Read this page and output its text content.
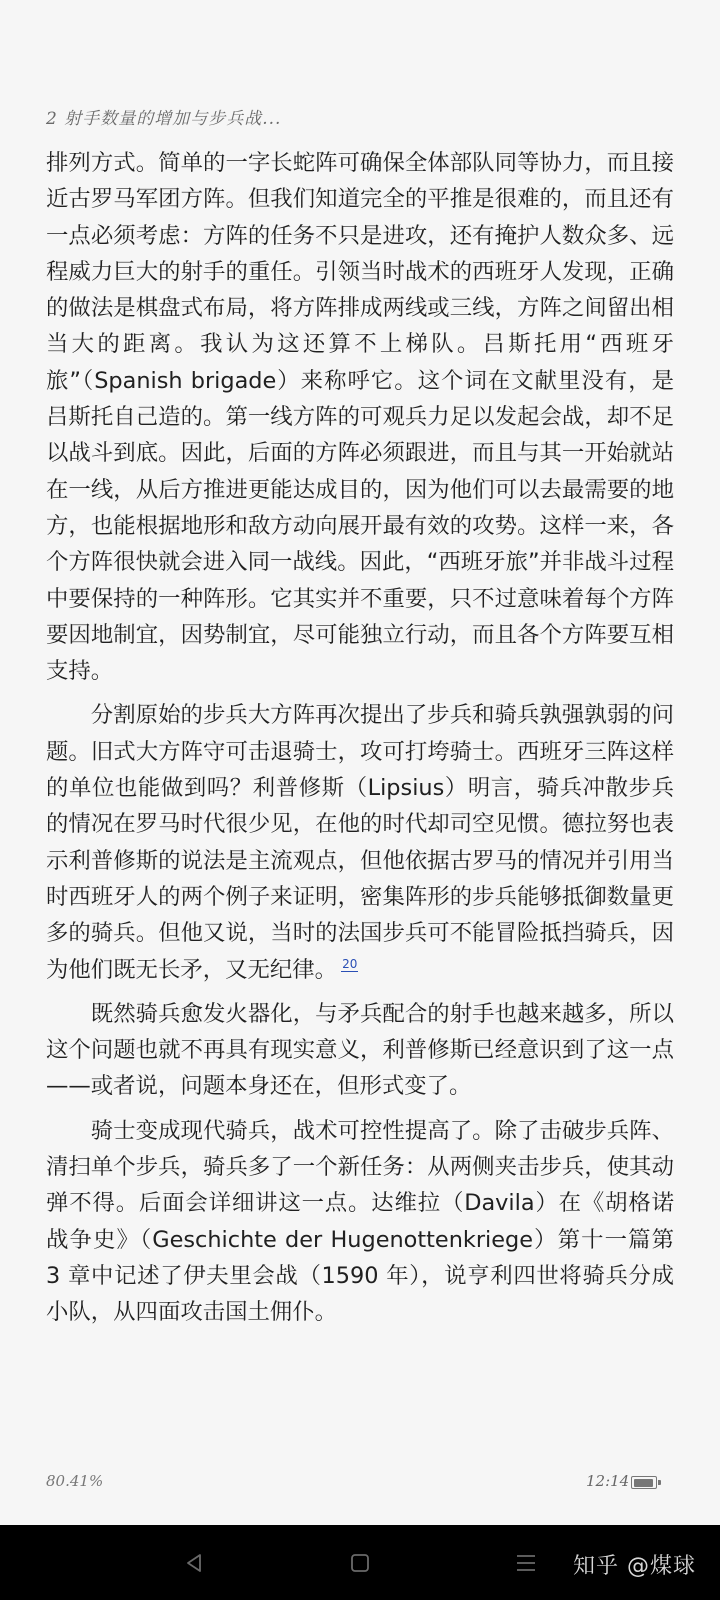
2 射手数量的增加与步兵战...

排列方式。简单的一字长蛇阵可确保全体部队同等协力，而且接近古罗马军团方阵。但我们知道完全的平推是很难的，而且还有一点必须考虑：方阵的任务不只是进攻，还有掩护人数众多、远程威力巨大的射手的重任。引领当时战术的西班牙人发现，正确的做法是棋盘式布局，将方阵排成两线或三线，方阵之间留出相当大的距离。我认为这还算不上梯队。吕斯托用“西班牙旅”（Spanish brigade）来称呼它。这个词在文献里没有，是吕斯托自己造的。第一线方阵的可观兵力足以发起会战，却不足以战斗到底。因此，后面的方阵必须跟进，而且与其一开始就站在一线，从后方推进更能达成目的，因为他们可以去最需要的地方，也能根据地形和敌方动向展开最有效的攻势。这样一来，各个方阵很快就会进入同一战线。因此，“西班牙旅”并非战斗过程中要保持的一种阵形。它其实并不重要，只不过意味着每个方阵要因地制宜，因势制宜，尽可能独立行动，而且各个方阵要互相支持。

分割原始的步兵大方阵再次提出了步兵和骑兵孰强孰弱的问题。旧式大方阵守可击退骑士，攻可打垮骑士。西班牙三阵这样的单位也能做到吗？利普修斯（Lipsius）明言，骑兵冲散步兵的情况在罗马时代很少见，在他的时代却司空见惯。德拉努也表示利普修斯的说法是主流观点，但他依据古罗马的情况并引用当时西班牙人的两个例子来证明，密集阵形的步兵能够抵御数量更多的骑兵。但他又说，当时的法国步兵可不能冒险抵挡骑兵，因为他们既无长矛，又无纪律。 $^{20}$

既然骑兵愈发火器化，与矛兵配合的射手也越来越多，所以这个问题也就不再具有现实意义，利普修斯已经意识到了这一点——或者说，问题本身还在，但形式变了。

骑士变成现代骑兵，战术可控性提高了。除了击破步兵阵、清扫单个步兵，骑兵多了一个新任务：从两侧夹击步兵，使其动弹不得。后面会详细讲这一点。达维拉（Davila）在《胡格诺战争史》（Geschichte der Hugenottenkriege）第十一篇第 3 章中记述了伊夫里会战（1590 年），说亨利四世将骑兵分成小队，从四面攻击国土佣仆。

80.41%	12:14
知乎 @煤球
